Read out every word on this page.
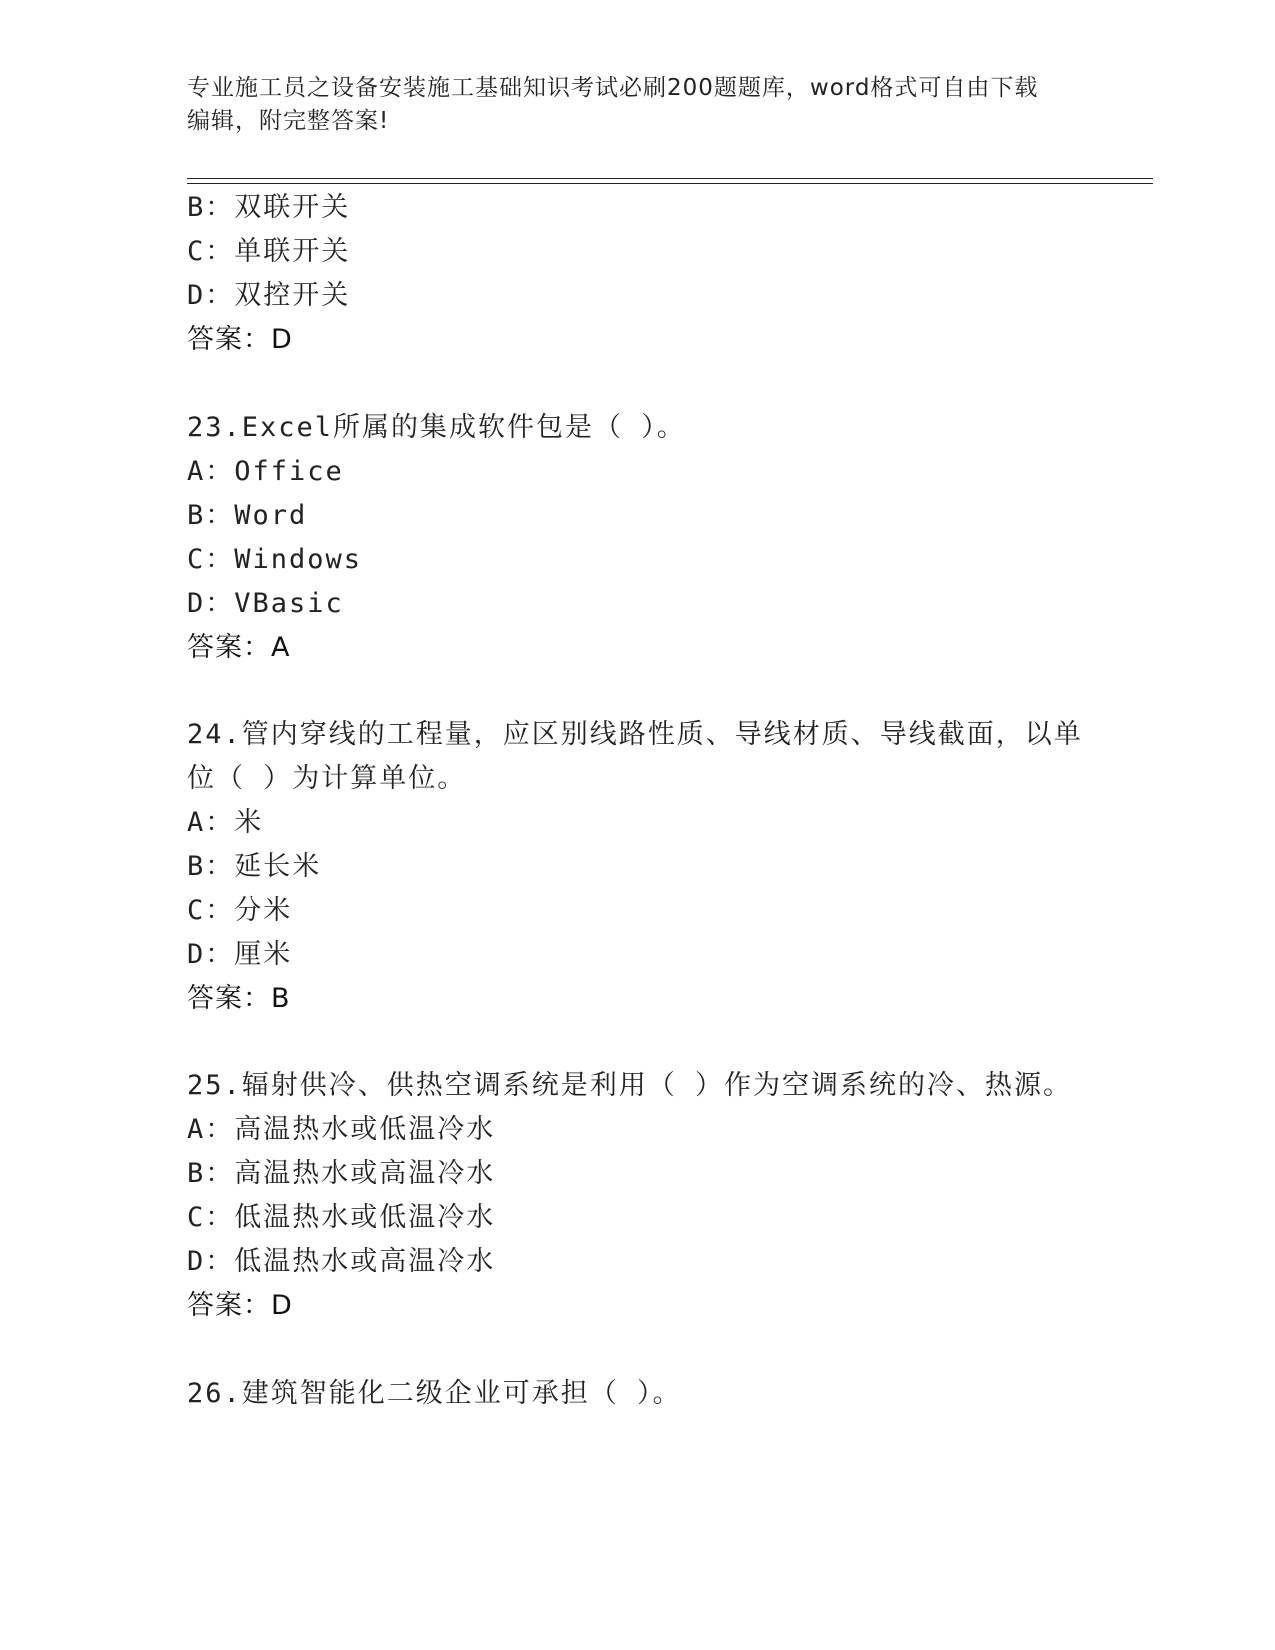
专业施工员之设备安装施工基础知识考试必刷200题题库，word格式可自由下载
编辑，附完整答案!
B：双联开关
C：单联开关
D：双控开关
答案：D
23.Excel所属的集成软件包是（ ）。
A：Office
B：Word
C：Windows
D：VBasic
答案：A
24.管内穿线的工程量，应区别线路性质、导线材质、导线截面，以单
位（ ）为计算单位。
A：米
B：延长米
C：分米
D：厘米
答案：B
25.辐射供冷、供热空调系统是利用（ ）作为空调系统的冷、热源。
A：高温热水或低温冷水
B：高温热水或高温冷水
C：低温热水或低温冷水
D：低温热水或高温冷水
答案：D
26.建筑智能化二级企业可承担（ ）。
